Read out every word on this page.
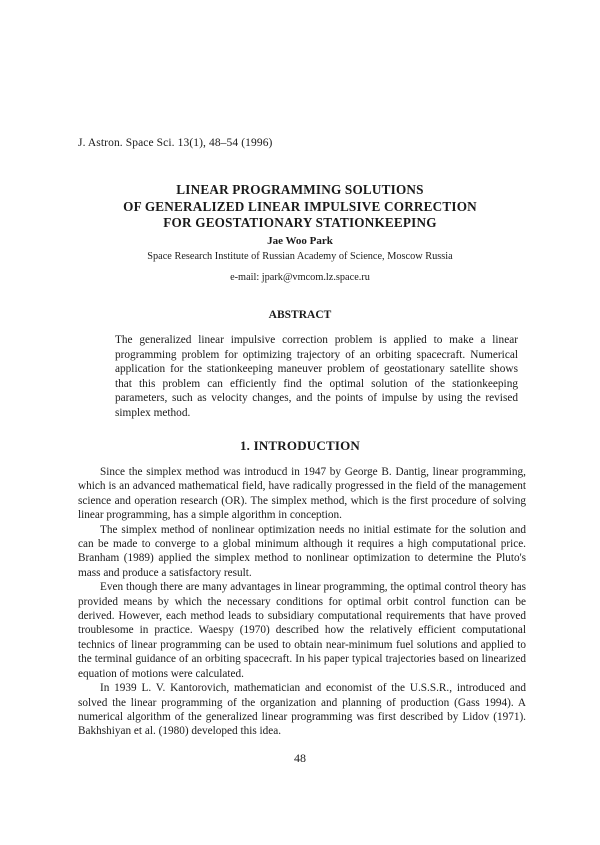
J. Astron. Space Sci. 13(1), 48–54 (1996)
LINEAR PROGRAMMING SOLUTIONS
OF GENERALIZED LINEAR IMPULSIVE CORRECTION
FOR GEOSTATIONARY STATIONKEEPING
Jae Woo Park
Space Research Institute of Russian Academy of Science, Moscow Russia
e-mail: jpark@vmcom.lz.space.ru
ABSTRACT
The generalized linear impulsive correction problem is applied to make a linear programming problem for optimizing trajectory of an orbiting spacecraft. Numerical application for the stationkeeping maneuver problem of geostationary satellite shows that this problem can efficiently find the optimal solution of the stationkeeping parameters, such as velocity changes, and the points of impulse by using the revised simplex method.
1. INTRODUCTION

Since the simplex method was introducd in 1947 by George B. Dantig, linear programming, which is an advanced mathematical field, have radically progressed in the field of the management science and operation research (OR). The simplex method, which is the first procedure of solving linear programming, has a simple algorithm in conception.

The simplex method of nonlinear optimization needs no initial estimate for the solution and can be made to converge to a global minimum although it requires a high computational price. Branham (1989) applied the simplex method to nonlinear optimization to determine the Pluto's mass and produce a satisfactory result.

Even though there are many advantages in linear programming, the optimal control theory has provided means by which the necessary conditions for optimal orbit control function can be derived. However, each method leads to subsidiary computational requirements that have proved troublesome in practice. Waespy (1970) described how the relatively efficient computational technics of linear programming can be used to obtain near-minimum fuel solutions and applied to the terminal guidance of an orbiting spacecraft. In his paper typical trajectories based on linearized equation of motions were calculated.

In 1939 L. V. Kantorovich, mathematician and economist of the U.S.S.R., introduced and solved the linear programming of the organization and planning of production (Gass 1994). A numerical algorithm of the generalized linear programming was first described by Lidov (1971). Bakhshiyan et al. (1980) developed this idea.

48
